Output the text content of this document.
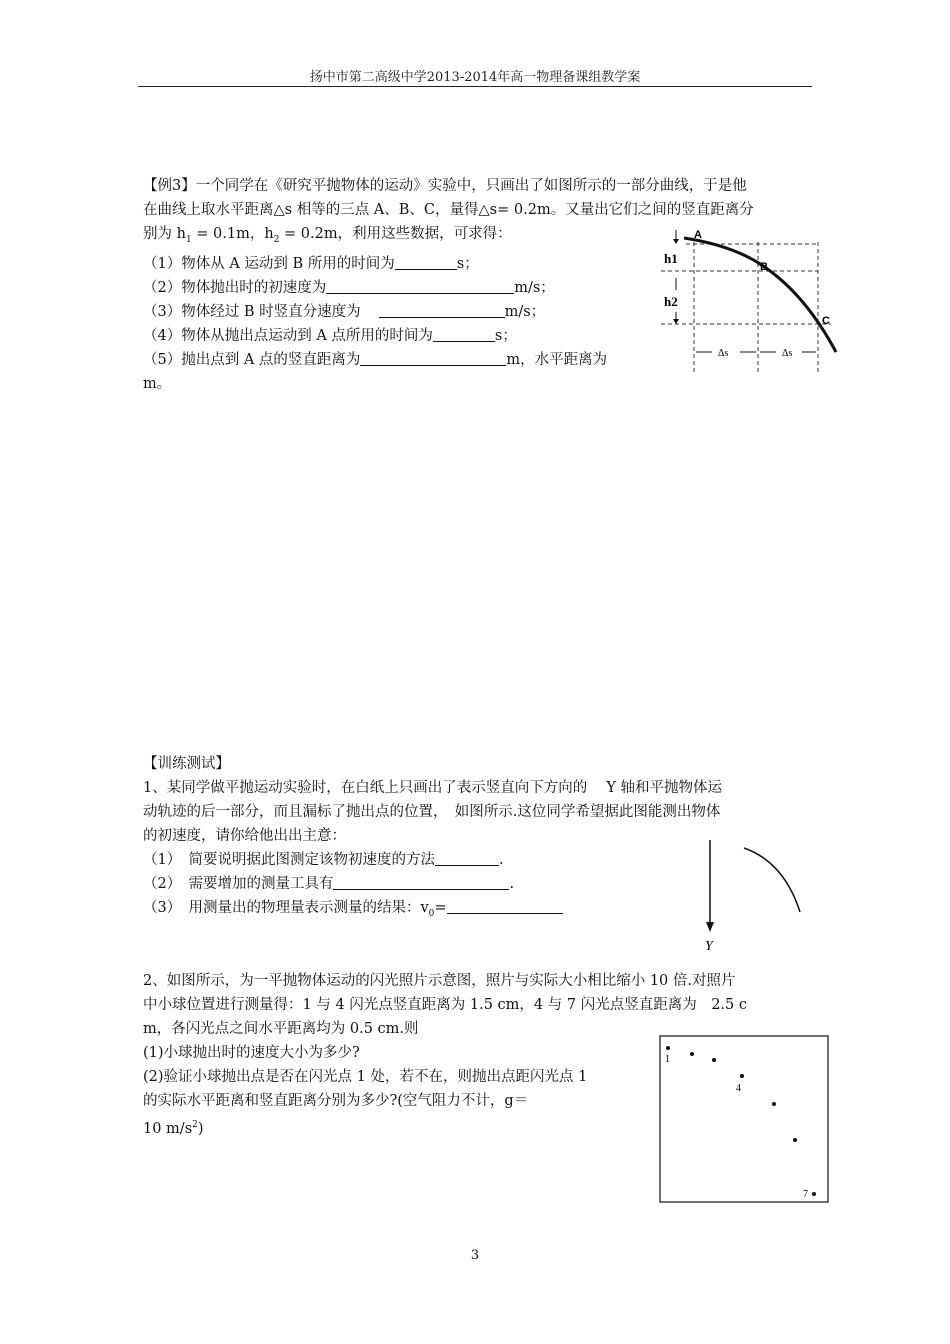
扬中市第二高级中学2013-2014年高一物理备课组教学案
【例3】一个同学在《研究平抛物体的运动》实验中，只画出了如图所示的一部分曲线，于是他
在曲线上取水平距离△s 相等的三点 A、B、C，量得△s= 0.2m。又量出它们之间的竖直距离分
别为 $h_1 = 0.1m$，$h_2 = 0.2m$，利用这些数据，可求得：
（1）物体从 A 运动到 B 所用的时间为	s；
（2）物体抛出时的初速度为	m/s；
（3）物体经过 B 时竖直分速度为	m/s；
（4）物体从抛出点运动到 A 点所用的时间为	s；
（5）抛出点到 A 点的竖直距离为	m，水平距离为
m。
A
B
C
h1
h2
Δs	Δs
【训练测试】
1、某同学做平抛运动实验时，在白纸上只画出了表示竖直向下方向的　 Y 轴和平抛物体运
动轨迹的后一部分，而且漏标了抛出点的位置，　如图所示.这位同学希望据此图能测出物体
的初速度，请你给他出出主意：
（1）　简要说明据此图测定该物初速度的方法	.
（2）　需要增加的测量工具有	.
（3）　用测量出的物理量表示测量的结果：$v_0=$
Y
2、如图所示，为一平抛物体运动的闪光照片示意图，照片与实际大小相比缩小 10 倍.对照片
中小球位置进行测量得：1 与 4 闪光点竖直距离为 1.5 cm，4 与 7 闪光点竖直距离为　2.5 c
m，各闪光点之间水平距离均为 0.5 cm.则
(1)小球抛出时的速度大小为多少?
(2)验证小球抛出点是否在闪光点 1 处，若不在，则抛出点距闪光点 1
的实际水平距离和竖直距离分别为多少?(空气阻力不计，g＝
10 $m/s^2$)
1
4
7
3
